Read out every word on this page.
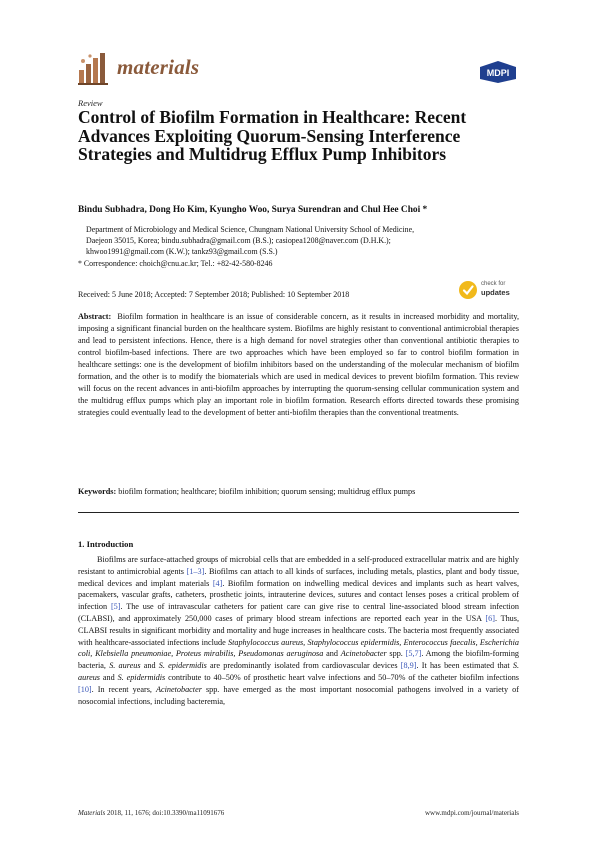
materials	MDPI
Review
Control of Biofilm Formation in Healthcare: Recent Advances Exploiting Quorum-Sensing Interference Strategies and Multidrug Efflux Pump Inhibitors
Bindu Subhadra, Dong Ho Kim, Kyungho Woo, Surya Surendran and Chul Hee Choi *
Department of Microbiology and Medical Science, Chungnam National University School of Medicine,
Daejeon 35015, Korea; bindu.subhadra@gmail.com (B.S.); casiopea1208@naver.com (D.H.K.);
khwoo1991@gmail.com (K.W.); tankz93@gmail.com (S.S.)
* Correspondence: choich@cnu.ac.kr; Tel.: +82-42-580-8246
check for
updates
Received: 5 June 2018; Accepted: 7 September 2018; Published: 10 September 2018

Abstract: Biofilm formation in healthcare is an issue of considerable concern, as it results in increased morbidity and mortality, imposing a significant financial burden on the healthcare system. Biofilms are highly resistant to conventional antimicrobial therapies and lead to persistent infections. Hence, there is a high demand for novel strategies other than conventional antibiotic therapies to control biofilm-based infections. There are two approaches which have been employed so far to control biofilm formation in healthcare settings: one is the development of biofilm inhibitors based on the understanding of the molecular mechanism of biofilm formation, and the other is to modify the biomaterials which are used in medical devices to prevent biofilm formation. This review will focus on the recent advances in anti-biofilm approaches by interrupting the quorum-sensing cellular communication system and the multidrug efflux pumps which play an important role in biofilm formation. Research efforts directed towards these promising strategies could eventually lead to the development of better anti-biofilm therapies than the conventional treatments.

Keywords: biofilm formation; healthcare; biofilm inhibition; quorum sensing; multidrug efflux pumps
1. Introduction

Biofilms are surface-attached groups of microbial cells that are embedded in a self-produced extracellular matrix and are highly resistant to antimicrobial agents [1–3]. Biofilms can attach to all kinds of surfaces, including metals, plastics, plant and body tissue, medical devices and implant materials [4]. Biofilm formation on indwelling medical devices and implants such as heart valves, pacemakers, vascular grafts, catheters, prosthetic joints, intrauterine devices, sutures and contact lenses poses a critical problem of infection [5]. The use of intravascular catheters for patient care can give rise to central line-associated blood stream infection (CLABSI), and approximately 250,000 cases of primary blood stream infections are reported each year in the USA [6]. Thus, CLABSI results in significant morbidity and mortality and huge increases in healthcare costs. The bacteria most frequently associated with healthcare-associated infections include Staphylococcus aureus, Staphylococcus epidermidis, Enterococcus faecalis, Escherichia coli, Klebsiella pneumoniae, Proteus mirabilis, Pseudomonas aeruginosa and Acinetobacter spp. [5,7]. Among the biofilm-forming bacteria, S. aureus and S. epidermidis are predominantly isolated from cardiovascular devices [8,9]. It has been estimated that S. aureus and S. epidermidis contribute to 40–50% of prosthetic heart valve infections and 50–70% of the catheter biofilm infections [10]. In recent years, Acinetobacter spp. have emerged as the most important nosocomial pathogens involved in a variety of nosocomial infections, including bacteremia,

Materials 2018, 11, 1676; doi:10.3390/ma11091676	www.mdpi.com/journal/materials
